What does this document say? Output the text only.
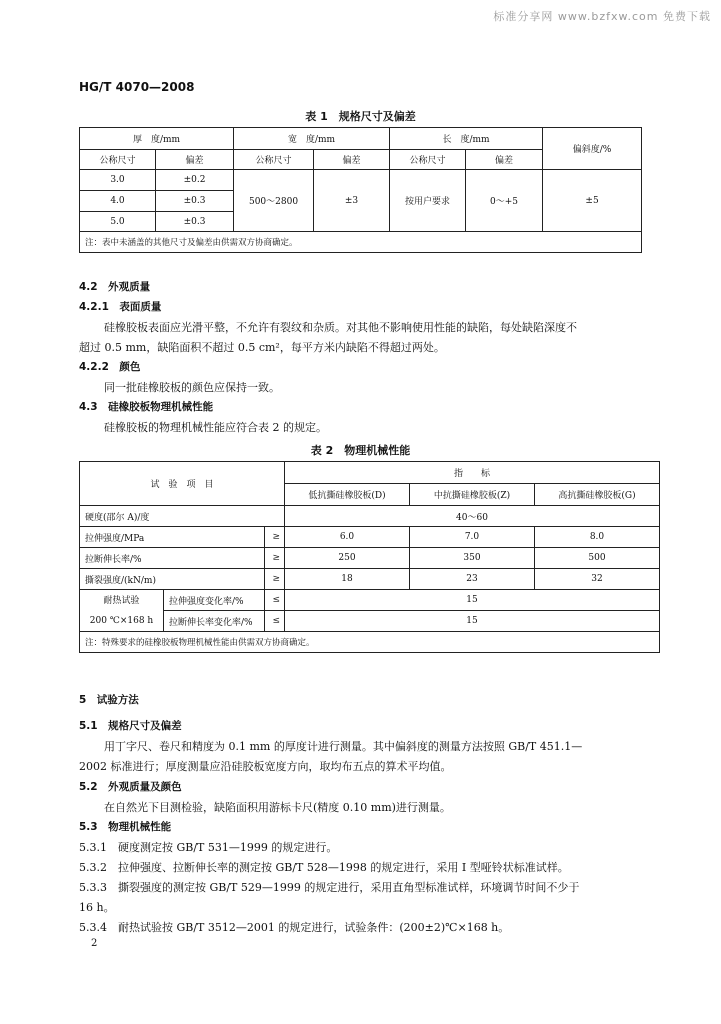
标准分享网 www.bzfxw.com 免费下载
HG/T 4070—2008
表 1　规格尺寸及偏差
厚　度/mm		宽　度/mm		长　度/mm		偏斜度/%
公称尺寸	偏差	公称尺寸	偏差	公称尺寸	偏差	
3.0	±0.2	500～2800	±3	按用户要求	0～+5	±5
4.0	±0.3					
5.0	±0.3					
注：表中未涵盖的其他尺寸及偏差由供需双方协商确定。						
4.2　外观质量
4.2.1　表面质量
硅橡胶板表面应光滑平整，不允许有裂纹和杂质。对其他不影响使用性能的缺陷，每处缺陷深度不
超过 0.5 mm，缺陷面积不超过 0.5 cm²，每平方米内缺陷不得超过两处。
4.2.2　颜色
同一批硅橡胶板的颜色应保持一致。
4.3　硅橡胶板物理机械性能
硅橡胶板的物理机械性能应符合表 2 的规定。
表 2　物理机械性能
试　验　项　目			指　　标		
			低抗撕硅橡胶板(D)	中抗撕硅橡胶板(Z)	高抗撕硅橡胶板(G)
硬度(邵尔 A)/度			40～60		
拉伸强度/MPa		≥	6.0	7.0	8.0
拉断伸长率/%		≥	250	350	500
撕裂强度/(kN/m)		≥	18	23	32

耐热试验
200 ℃×168 h	拉伸强度变化率/%	≤	15		
	拉断伸长率变化率/%	≤	15		
注：特殊要求的硅橡胶板物理机械性能由供需双方协商确定。					
5　试验方法
5.1　规格尺寸及偏差
用丁字尺、卷尺和精度为 0.1 mm 的厚度计进行测量。其中偏斜度的测量方法按照 GB/T 451.1—
2002 标准进行；厚度测量应沿硅胶板宽度方向，取均布五点的算术平均值。
5.2　外观质量及颜色
在自然光下目测检验，缺陷面积用游标卡尺(精度 0.10 mm)进行测量。
5.3　物理机械性能
5.3.1　硬度测定按 GB/T 531—1999 的规定进行。
5.3.2　拉伸强度、拉断伸长率的测定按 GB/T 528—1998 的规定进行，采用 I 型哑铃状标准试样。
5.3.3　撕裂强度的测定按 GB/T 529—1999 的规定进行，采用直角型标准试样，环境调节时间不少于
16 h。
5.3.4　耐热试验按 GB/T 3512—2001 的规定进行，试验条件：(200±2)℃×168 h。
2
